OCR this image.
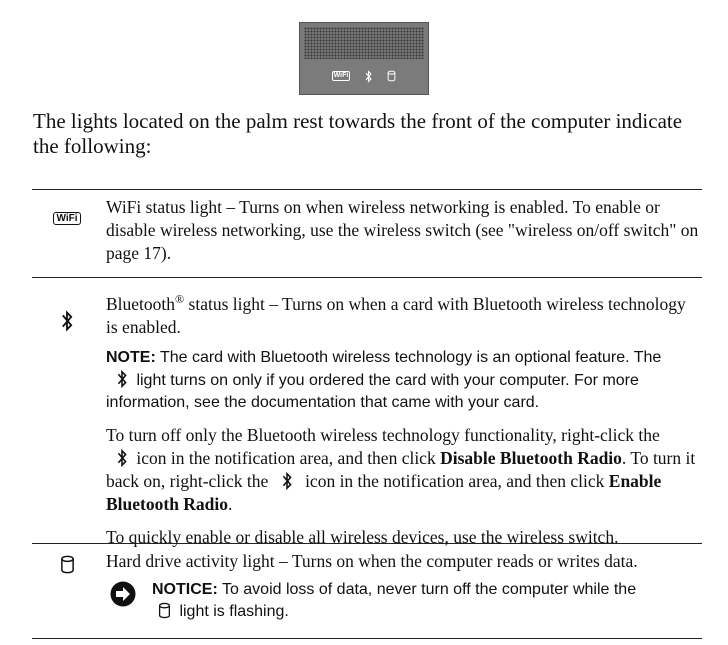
WiFi

The lights located on the palm rest towards the front of the computer indicate the following:

WiFi

WiFi status light – Turns on when wireless networking is enabled. To enable or disable wireless networking, use the wireless switch (see "wireless on/off switch" on page 17).

Bluetooth® status light – Turns on when a card with Bluetooth wireless technology is enabled.

NOTE: The card with Bluetooth wireless technology is an optional feature. The
light turns on only if you ordered the card with your computer. For more information, see the documentation that came with your card.

To turn off only the Bluetooth wireless technology functionality, right-click the
icon in the notification area, and then click Disable Bluetooth Radio. To turn it back on, right-click the  icon in the notification area, and then click Enable Bluetooth Radio.

To quickly enable or disable all wireless devices, use the wireless switch.

Hard drive activity light – Turns on when the computer reads or writes data.

NOTICE: To avoid loss of data, never turn off the computer while the
light is flashing.
